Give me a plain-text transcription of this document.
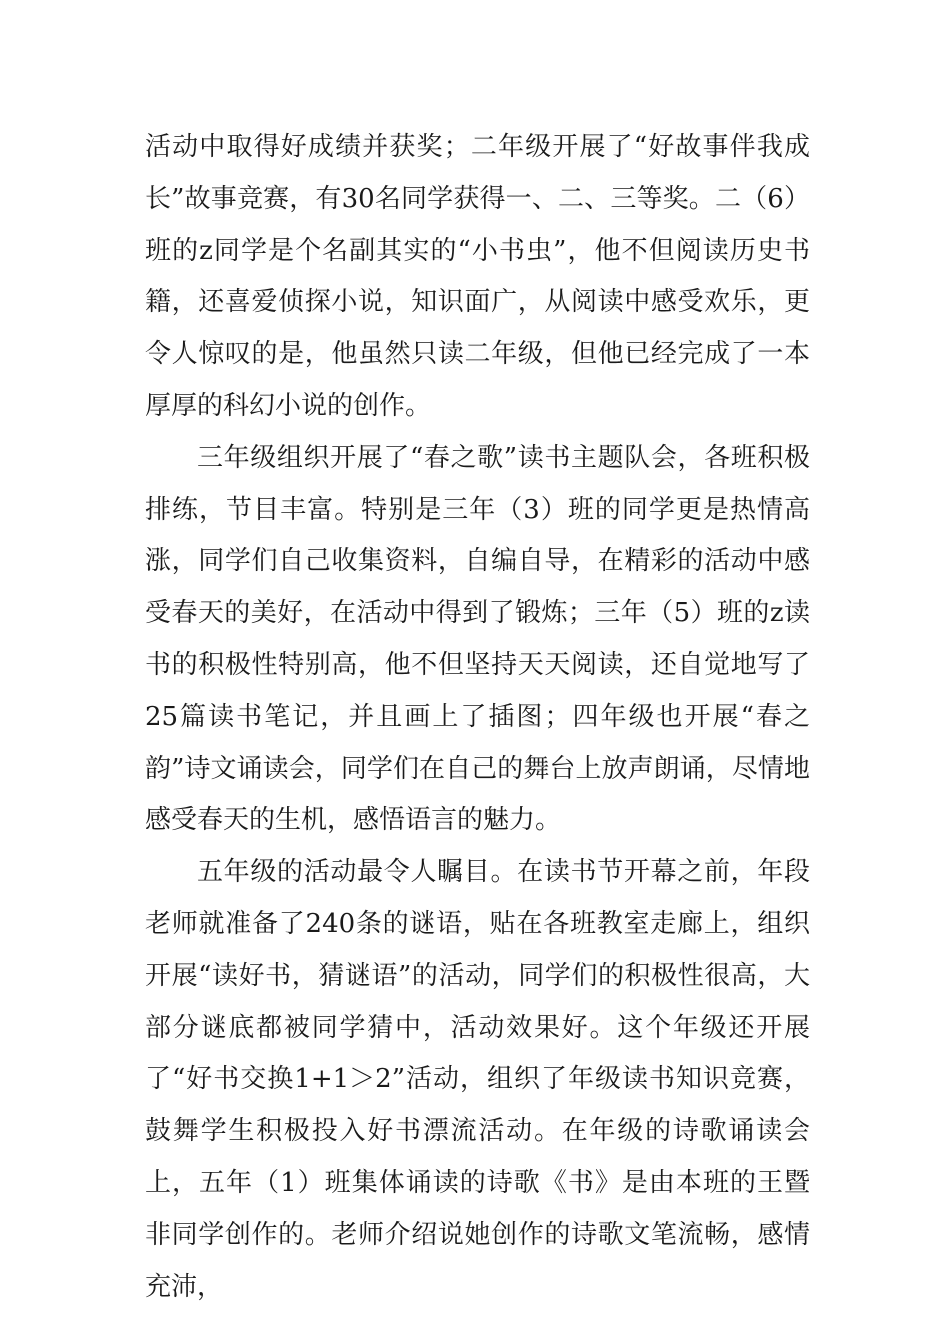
活动中取得好成绩并获奖；二年级开展了“好故事伴我成长”故事竞赛，有30名同学获得一、二、三等奖。二（6）班的z同学是个名副其实的“小书虫”，他不但阅读历史书籍，还喜爱侦探小说，知识面广，从阅读中感受欢乐，更令人惊叹的是，他虽然只读二年级，但他已经完成了一本厚厚的科幻小说的创作。

三年级组织开展了“春之歌”读书主题队会，各班积极排练，节目丰富。特别是三年（3）班的同学更是热情高涨，同学们自己收集资料，自编自导，在精彩的活动中感受春天的美好，在活动中得到了锻炼；三年（5）班的z读书的积极性特别高，他不但坚持天天阅读，还自觉地写了25篇读书笔记，并且画上了插图；四年级也开展“春之韵”诗文诵读会，同学们在自己的舞台上放声朗诵，尽情地感受春天的生机，感悟语言的魅力。

五年级的活动最令人瞩目。在读书节开幕之前，年段老师就准备了240条的谜语，贴在各班教室走廊上，组织开展“读好书，猜谜语”的活动，同学们的积极性很高，大部分谜底都被同学猜中，活动效果好。这个年级还开展了“好书交换1+1＞2”活动，组织了年级读书知识竞赛，鼓舞学生积极投入好书漂流活动。在年级的诗歌诵读会上，五年（1）班集体诵读的诗歌《书》是由本班的王暨非同学创作的。老师介绍说她创作的诗歌文笔流畅，感情充沛，
